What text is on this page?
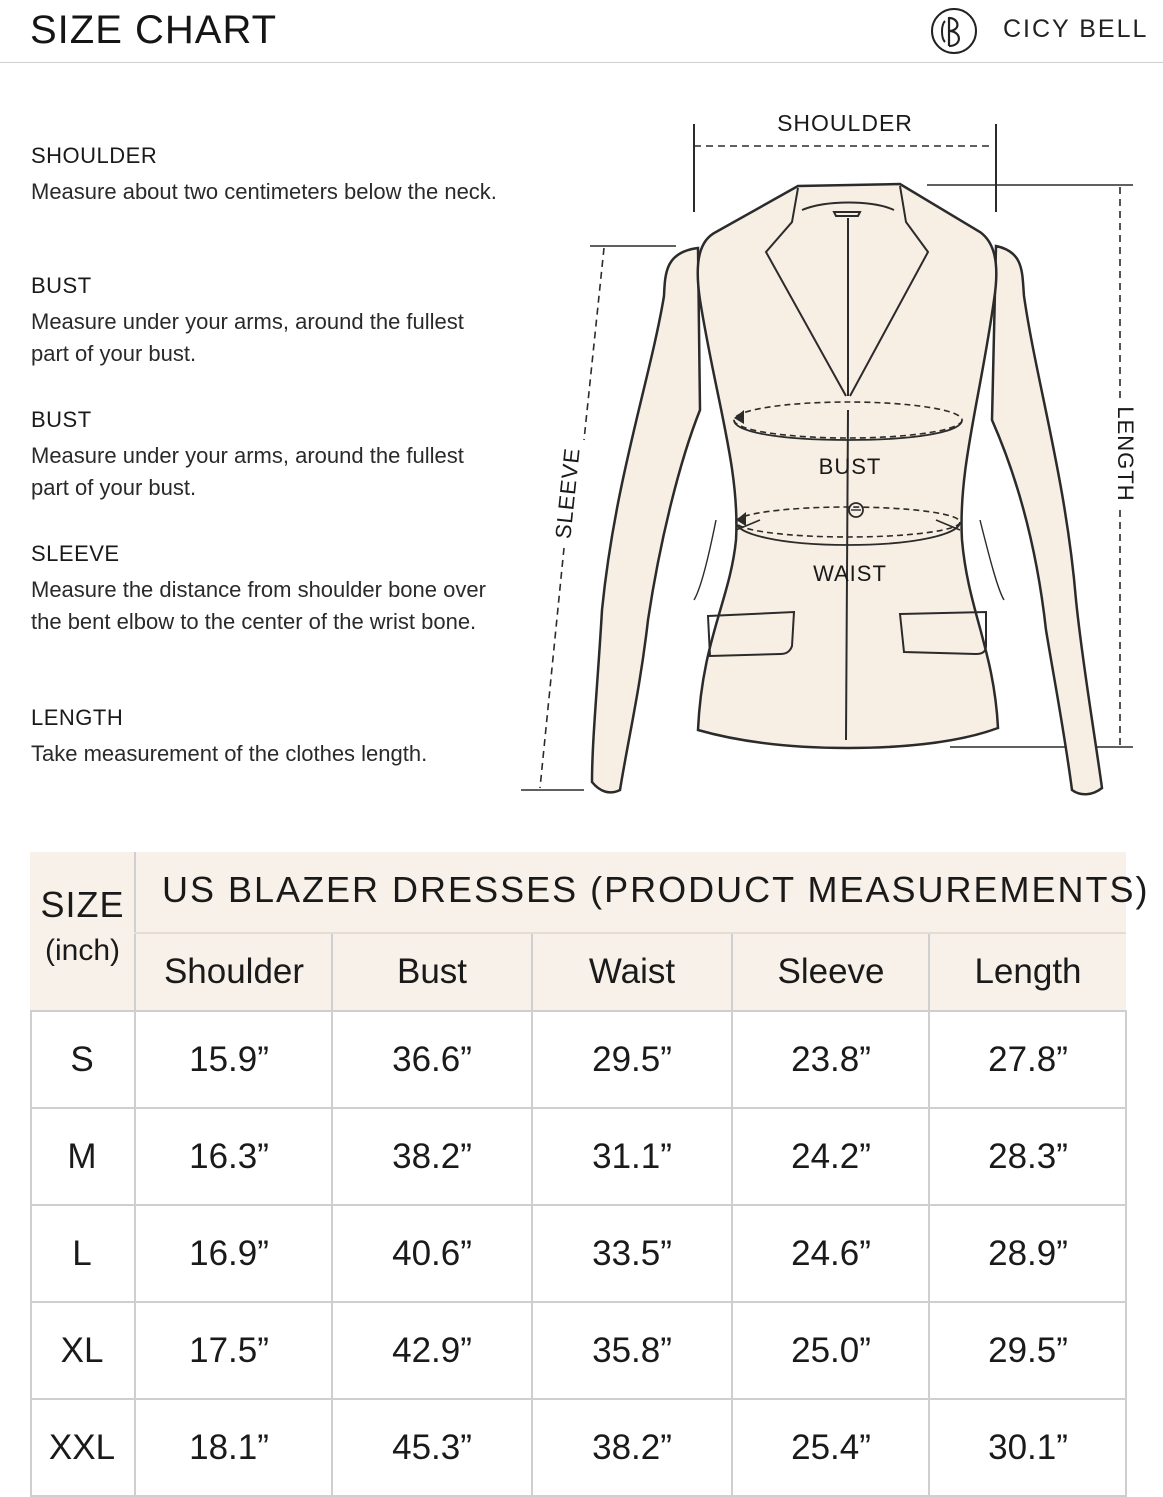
SIZE CHART	CICY BELL
SHOULDER
Measure about two centimeters below the neck.
BUST
Measure under your arms, around the fullest part of your bust.
BUST
Measure under your arms, around the fullest part of your bust.
SLEEVE
Measure the distance from shoulder bone over the bent elbow to the center of the wrist bone.
LENGTH
Take measurement of the clothes length.
SHOULDER
BUST
WAIST
SLEEVE	LENGTH
SIZE
(inch)
US BLAZER DRESSES (PRODUCT MEASUREMENTS)
Shoulder	Bust	Waist	Sleeve	Length
S	15.9”	36.6”	29.5”	23.8”	27.8”
M	16.3”	38.2”	31.1”	24.2”	28.3”
L	16.9”	40.6”	33.5”	24.6”	28.9”
XL	17.5”	42.9”	35.8”	25.0”	29.5”
XXL	18.1”	45.3”	38.2”	25.4”	30.1”
